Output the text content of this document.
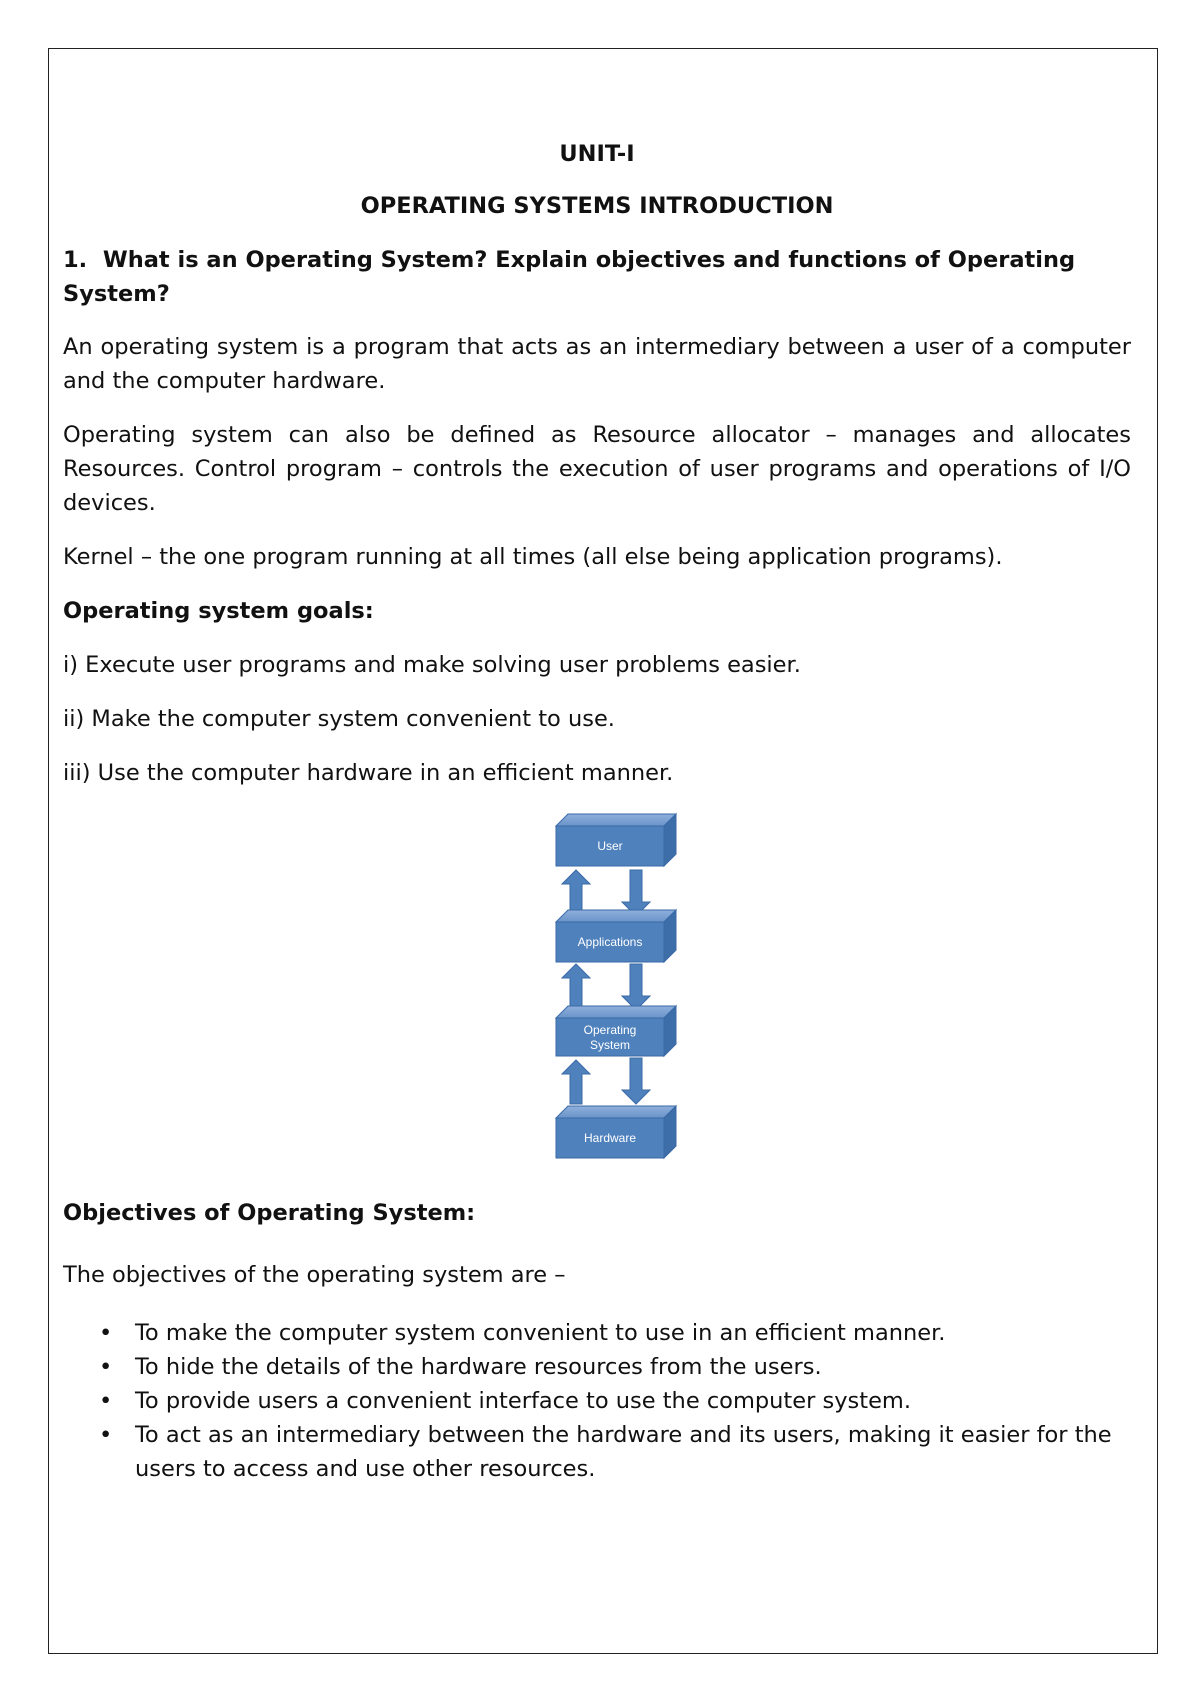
UNIT-I

OPERATING SYSTEMS INTRODUCTION

1.  What is an Operating System? Explain objectives and functions of Operating System?

An operating system is a program that acts as an intermediary between a user of a computer and the computer hardware.

Operating system can also be defined as Resource allocator – manages and allocates Resources. Control program – controls the execution of user programs and operations of I/O devices.

Kernel – the one program running at all times (all else being application programs).

Operating system goals:

i) Execute user programs and make solving user problems easier.

ii) Make the computer system convenient to use.

iii) Use the computer hardware in an efficient manner.

Objectives of Operating System:

The objectives of the operating system are –

• To make the computer system convenient to use in an efficient manner.
• To hide the details of the hardware resources from the users.
• To provide users a convenient interface to use the computer system.
• To act as an intermediary between the hardware and its users, making it easier for the users to access and use other resources.
User
Applications
Operating
System
Hardware
